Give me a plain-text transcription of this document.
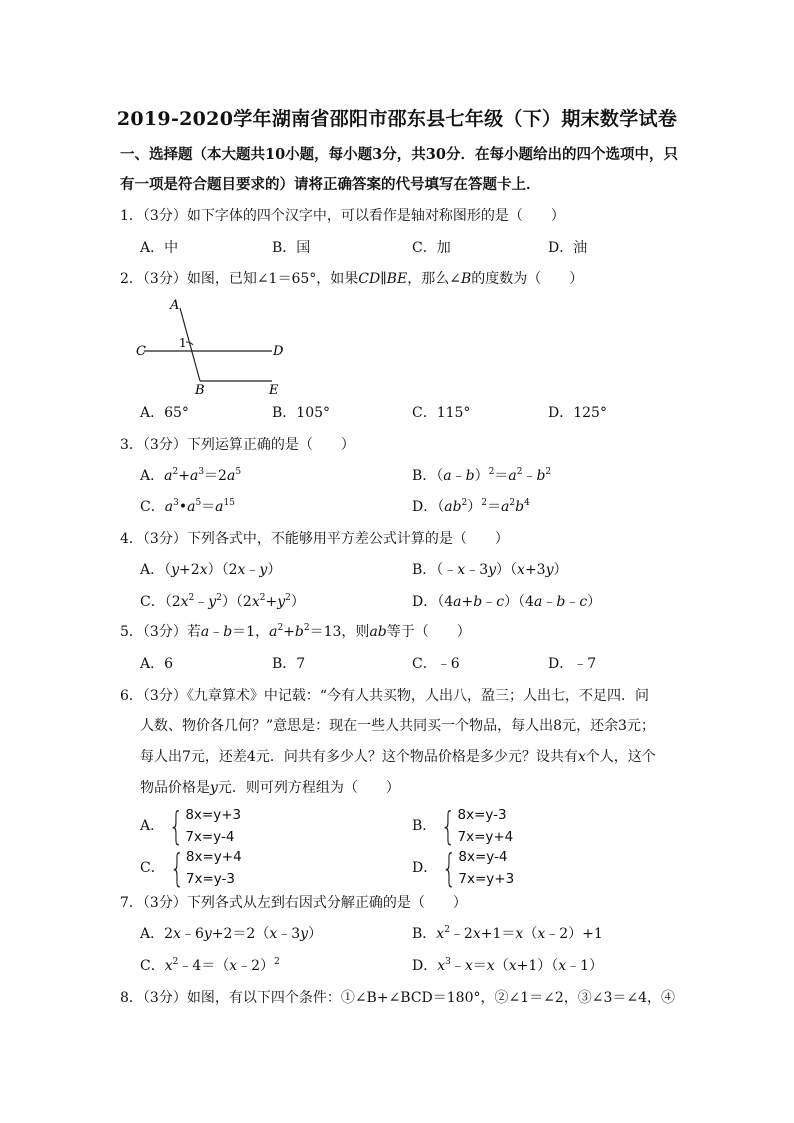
2019-2020学年湖南省邵阳市邵东县七年级（下）期末数学试卷
一、选择题（本大题共10小题，每小题3分，共30分．在每小题给出的四个选项中，只
有一项是符合题目要求的）请将正确答案的代号填写在答题卡上．
1．（3分）如下字体的四个汉字中，可以看作是轴对称图形的是（　　）
A．中	B．国	C．加	D．油
2．（3分）如图，已知∠1＝65°，如果CD∥BE，那么∠B的度数为（　　）
A
C	D
B	E
1
A．65°	B．105°	C．115°	D．125°
3．（3分）下列运算正确的是（　　）
A．$a^2+a^3=2a^5$	B．$(a﹣b)^2=a^2﹣b^2$
C．$a^3•a^5=a^{15}$	D．$(ab^2)^2=a^2b^4$
4．（3分）下列各式中，不能够用平方差公式计算的是（　　）
A．（y+2x）（2x﹣y）	B．（﹣x﹣3y）（x+3y）
C．$(2x^2﹣y^2)(2x^2+y^2)$	D．（4a+b﹣c）（4a﹣b﹣c）
5．（3分）若a﹣b＝1，$a^2+b^2=13$，则ab等于（　　）
A．6	B．7	C．﹣6	D．﹣7
6．（3分）《九章算术》中记载：“今有人共买物，人出八，盈三；人出七，不足四．问
人数、物价各几何？”意思是：现在一些人共同买一个物品，每人出8元，还余3元；
每人出7元，还差4元．问共有多少人？这个物品价格是多少元？设共有x个人，这个
物品价格是y元．则可列方程组为（　　）
A． { 8x=y+3
7x=y-4
B． { 8x=y-3
7x=y+4
C． { 8x=y+4
7x=y-3
D． { 8x=y-4
7x=y+3
7．（3分）下列各式从左到右因式分解正确的是（　　）
A．2x﹣6y+2＝2（x﹣3y）	B．$x^2﹣2x+1=x(x﹣2)+1$
C．$x^2﹣4=(x﹣2)^2$	D．$x^3﹣x=x(x+1)(x﹣1)$
8．（3分）如图，有以下四个条件：①∠B+∠BCD＝180°，②∠1＝∠2，③∠3＝∠4，④
